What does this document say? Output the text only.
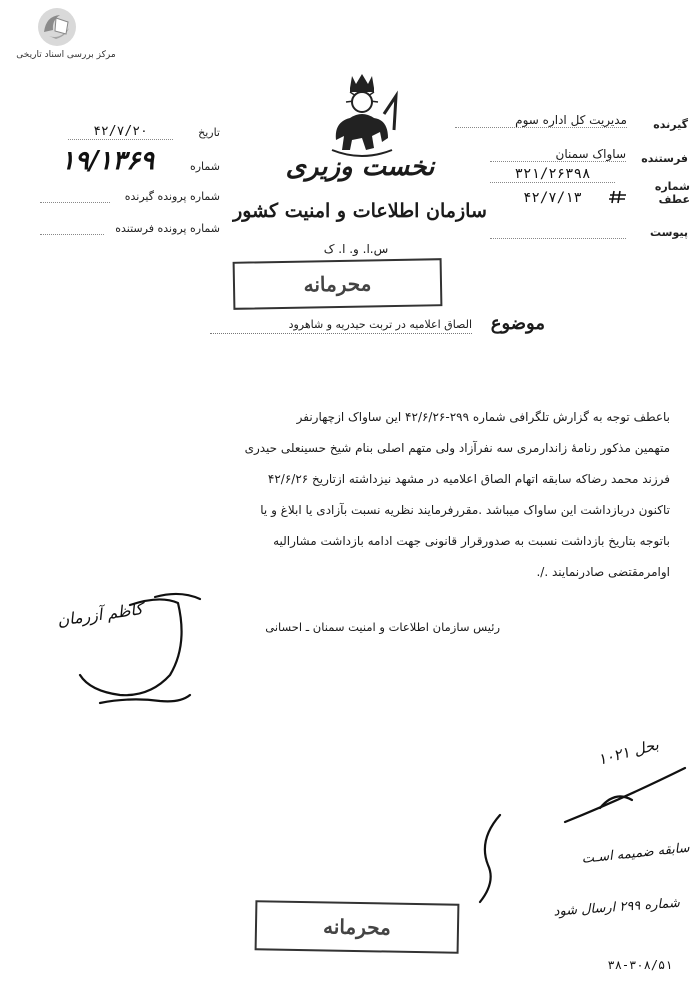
مرکز بررسی اسناد تاریخی
تاریخ
۴۲/۷/۲۰
شماره
۱۹/۱۳۶۹
شماره پرونده گیرنده
شماره پرونده فرستنده
نخست وزیری
سازمان اطلاعات و امنیت کشور
س.ا. و. ا. ک
محرمانه
گیرنده
مدیریت کل اداره سوم
فرستنده
ساواک سمنان
شماره عطف
۳۲۱/۲۶۳۹۸
۴۲/۷/۱۳
پیوست
موضوع
الصاق اعلامیه در تربت حیدریه و شاهرود
باعطف توجه به گزارش تلگرافی شماره ۲۹۹-۴۲/۶/۲۶ این ساواک ازچهارنفر
متهمین مذکور رنامهٔ زاندارمری سه نفرآزاد ولی متهم اصلی بنام شیخ حسینعلی حیدری
فرزند محمد رضاکه سابقه اتهام الصاق اعلامیه در مشهد نیزداشته ازتاریخ ۴۲/۶/۲۶
تاکنون دربازداشت این ساواک میباشد .مقررفرمایند نظریه نسبت بآزادی یا ابلاغ و یا
باتوجه بتاریخ بازداشت نسبت به صدورقرار قانونی جهت ادامه بازداشت مشارالیه
اوامرمقتضی صادرنمایند ./.
رئیس سازمان اطلاعات و امنیت سمنان ـ احسانی
کاظم آزرمان
بحل ۱۰۲۱
سابقه ضمیمه اسـت
شماره ۲۹۹ ارسال شود
۳۸-۳۰۸/۵۱
محرمانه
